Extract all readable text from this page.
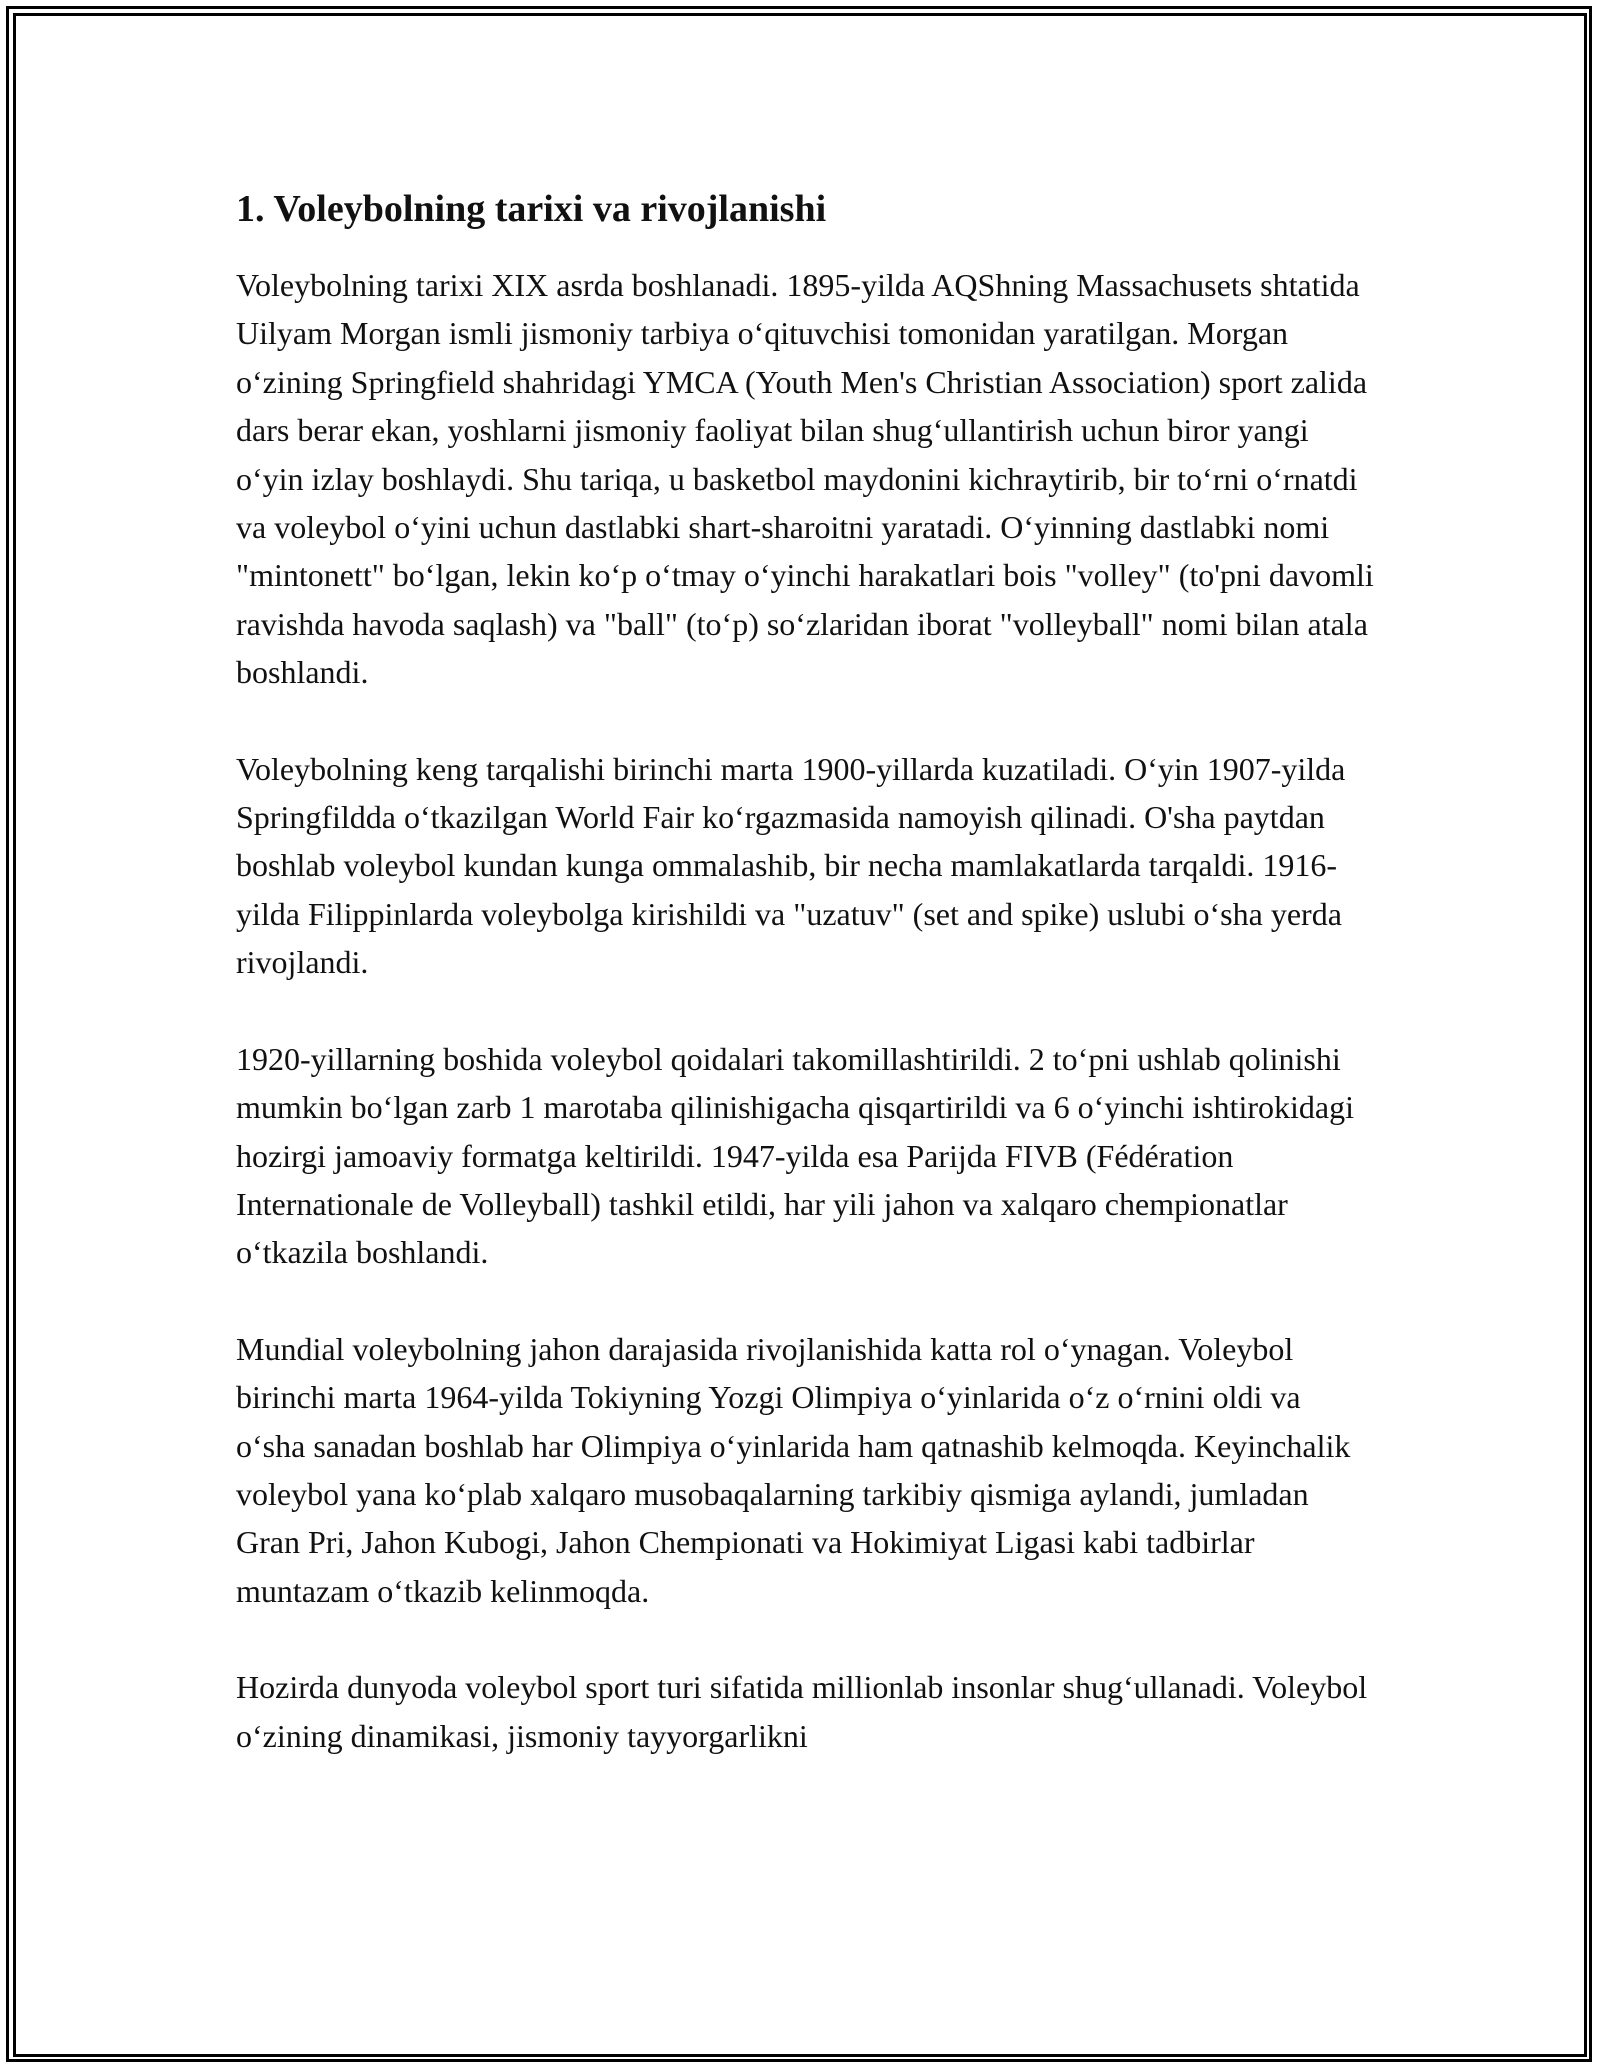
1. Voleybolning tarixi va rivojlanishi

Voleybolning tarixi XIX asrda boshlanadi. 1895-yilda AQShning Massachusets shtatida Uilyam Morgan ismli jismoniy tarbiya o‘qituvchisi tomonidan yaratilgan. Morgan o‘zining Springfield shahridagi YMCA (Youth Men's Christian Association) sport zalida dars berar ekan, yoshlarni jismoniy faoliyat bilan shug‘ullantirish uchun biror yangi o‘yin izlay boshlaydi. Shu tariqa, u basketbol maydonini kichraytirib, bir to‘rni o‘rnatdi va voleybol o‘yini uchun dastlabki shart-sharoitni yaratadi. O‘yinning dastlabki nomi "mintonett" bo‘lgan, lekin ko‘p o‘tmay o‘yinchi harakatlari bois "volley" (to'pni davomli ravishda havoda saqlash) va "ball" (to‘p) so‘zlaridan iborat "volleyball" nomi bilan atala boshlandi.

Voleybolning keng tarqalishi birinchi marta 1900-yillarda kuzatiladi. O‘yin 1907-yilda Springfildda o‘tkazilgan World Fair ko‘rgazmasida namoyish qilinadi. O'sha paytdan boshlab voleybol kundan kunga ommalashib, bir necha mamlakatlarda tarqaldi. 1916-yilda Filippinlarda voleybolga kirishildi va "uzatuv" (set and spike) uslubi o‘sha yerda rivojlandi.

1920-yillarning boshida voleybol qoidalari takomillashtirildi. 2 to‘pni ushlab qolinishi mumkin bo‘lgan zarb 1 marotaba qilinishigacha qisqartirildi va 6 o‘yinchi ishtirokidagi hozirgi jamoaviy formatga keltirildi. 1947-yilda esa Parijda FIVB (Fédération Internationale de Volleyball) tashkil etildi, har yili jahon va xalqaro chempionatlar o‘tkazila boshlandi.

Mundial voleybolning jahon darajasida rivojlanishida katta rol o‘ynagan. Voleybol birinchi marta 1964-yilda Tokiyning Yozgi Olimpiya o‘yinlarida o‘z o‘rnini oldi va o‘sha sanadan boshlab har Olimpiya o‘yinlarida ham qatnashib kelmoqda. Keyinchalik voleybol yana ko‘plab xalqaro musobaqalarning tarkibiy qismiga aylandi, jumladan Gran Pri, Jahon Kubogi, Jahon Chempionati va Hokimiyat Ligasi kabi tadbirlar muntazam o‘tkazib kelinmoqda.

Hozirda dunyoda voleybol sport turi sifatida millionlab insonlar shug‘ullanadi. Voleybol o‘zining dinamikasi, jismoniy tayyorgarlikni
